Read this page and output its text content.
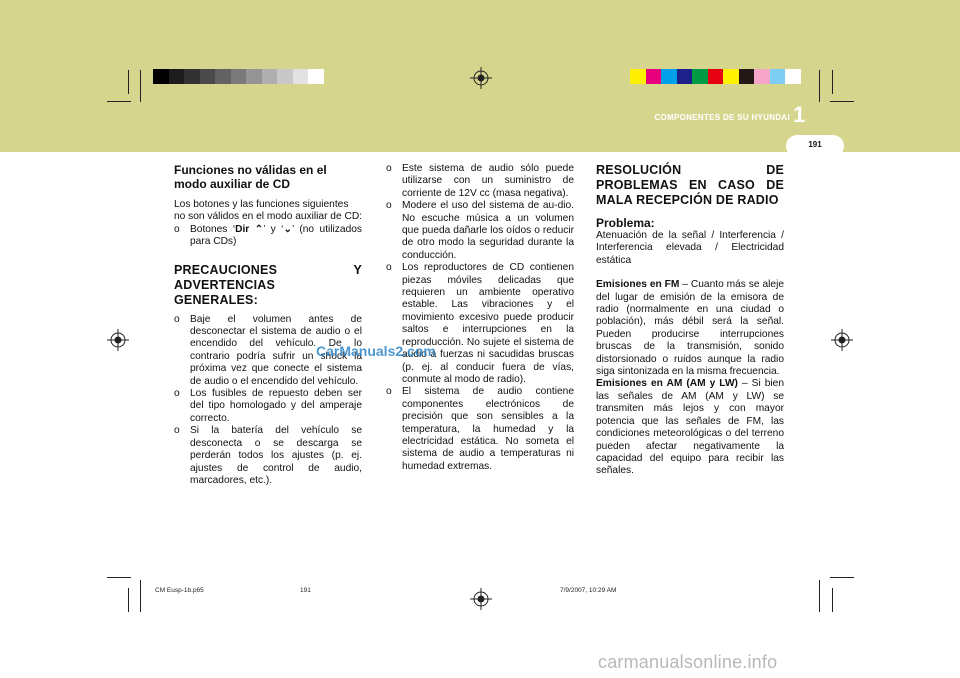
COMPONENTES DE SU HYUNDAI 1
191
Funciones no válidas en el modo auxiliar de CD

Los botones y las funciones siguientes no son válidos en el modo auxiliar de CD:

o Botones ‘Dir ⌃’ y ‘⌄’ (no utilizados para CDs)

PRECAUCIONES Y ADVERTENCIAS GENERALES:

o Baje el volumen antes de desconectar el sistema de audio o el encendido del vehículo. De lo contrario podría sufrir un shock la próxima vez que conecte el sistema de audio o el encendido del vehículo.
o Los fusibles de repuesto deben ser del tipo homologado y del amperaje correcto.
o Si la batería del vehículo se desconecta o se descarga se perderán todos los ajustes (p. ej. ajustes de control de audio, marcadores, etc.).
o Este sistema de audio sólo puede utilizarse con un suministro de corriente de 12V cc (masa negativa).
o Modere el uso del sistema de au-dio. No escuche música a un volumen que pueda dañarle los oídos o reducir de otro modo la seguridad durante la conducción.
o Los reproductores de CD contienen piezas móviles delicadas que requieren un ambiente operativo estable. Las vibraciones y el movimiento excesivo puede producir saltos e interrupciones en la reproducción. No sujete el sistema de audio a fuerzas ni sacudidas bruscas (p. ej. al conducir fuera de vías, conmute al modo de radio).
o El sistema de audio contiene componentes electrónicos de precisión que son sensibles a la temperatura, la humedad y la electricidad estática. No someta el sistema de audio a temperaturas ni humedad extremas.

RESOLUCIÓN DE PROBLEMAS EN CASO DE MALA RECEPCIÓN DE RADIO

Problema:

Atenuación de la señal / Interferencia / Interferencia elevada / Electricidad estática

Emisiones en FM – Cuanto más se aleje del lugar de emisión de la emisora de radio (normalmente en una ciudad o población), más débil será la señal. Pueden producirse interrupciones bruscas de la transmisión, sonido distorsionado o ruidos aunque la radio siga sintonizada en la misma frecuencia.

Emisiones en AM (AM y LW) – Si bien las señales de AM (AM y LW) se transmiten más lejos y con mayor potencia que las señales de FM, las condiciones meteorológicas o del terreno pueden afectar negativamente la capacidad del equipo para recibir las señales.

CM Eusp-1b.p65	191	7/9/2007, 10:29 AM
CarManuals2.com
carmanualsonline.info
